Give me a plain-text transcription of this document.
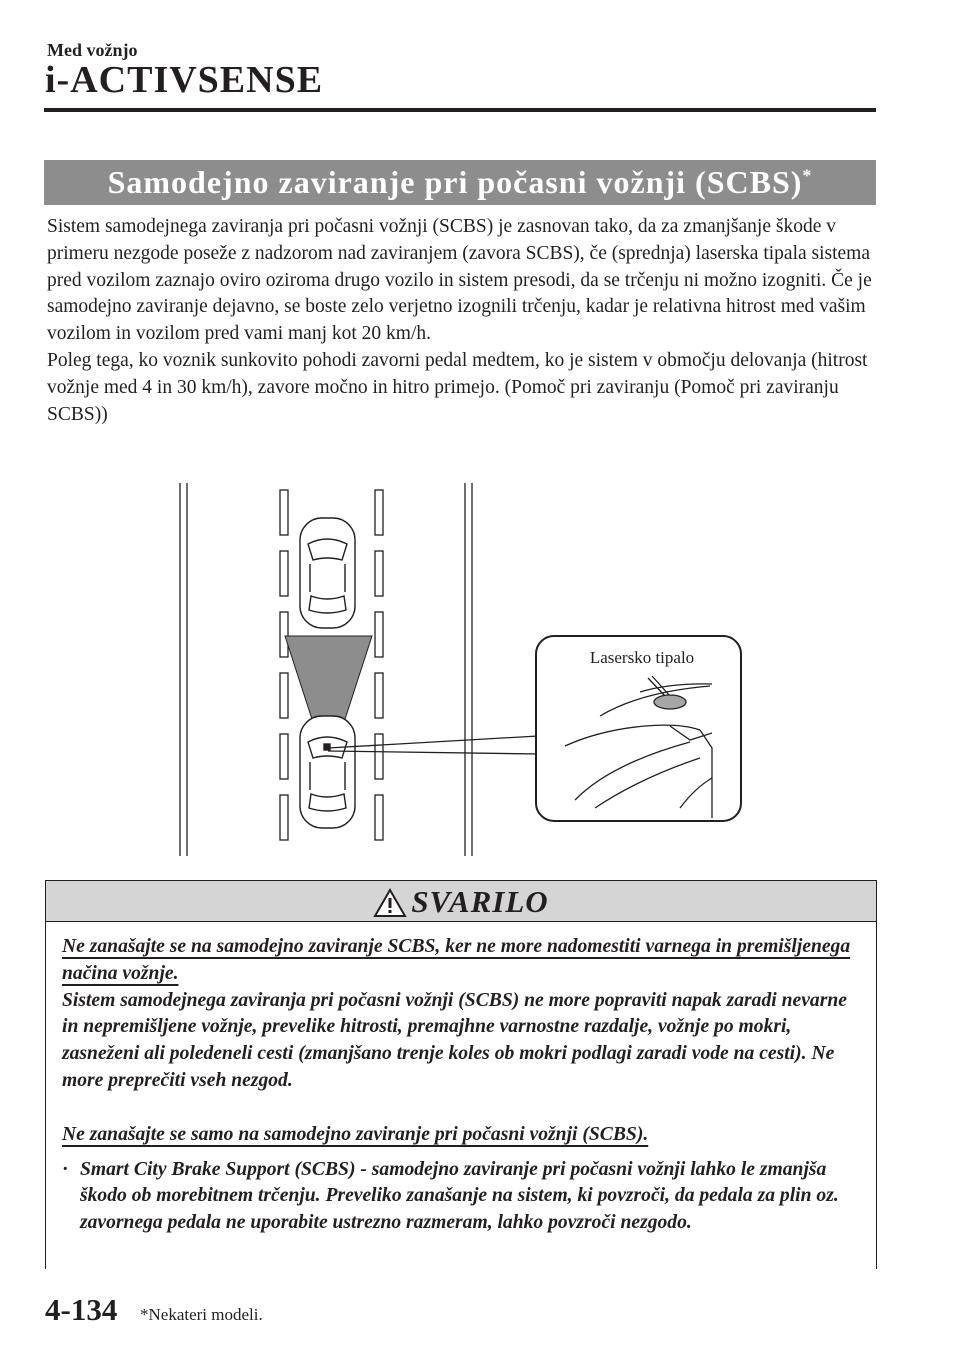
Med vožnjo
i-ACTIVSENSE
Samodejno zaviranje pri počasni vožnji (SCBS)*

Sistem samodejnega zaviranja pri počasni vožnji (SCBS) je zasnovan tako, da za zmanjšanje škode v primeru nezgode poseže z nadzorom nad zaviranjem (zavora SCBS), če (sprednja) laserska tipala sistema pred vozilom zaznajo oviro oziroma drugo vozilo in sistem presodi, da se trčenju ni možno izogniti. Če je samodejno zaviranje dejavno, se boste zelo verjetno izognili trčenju, kadar je relativna hitrost med vašim vozilom in vozilom pred vami manj kot 20 km/h.

Poleg tega, ko voznik sunkovito pohodi zavorni pedal medtem, ko je sistem v območju delovanja (hitrost vožnje med 4 in 30 km/h), zavore močno in hitro primejo. (Pomoč pri zaviranju (Pomoč pri zaviranju SCBS))

Lasersko tipalo
SVARILO

Ne zanašajte se na samodejno zaviranje SCBS, ker ne more nadomestiti varnega in premišljenega načina vožnje.

Sistem samodejnega zaviranja pri počasni vožnji (SCBS) ne more popraviti napak zaradi nevarne in nepremišljene vožnje, prevelike hitrosti, premajhne varnostne razdalje, vožnje po mokri, zasneženi ali poledeneli cesti (zmanjšano trenje koles ob mokri podlagi zaradi vode na cesti). Ne more preprečiti vseh nezgod.

Ne zanašajte se samo na samodejno zaviranje pri počasni vožnji (SCBS).

· Smart City Brake Support (SCBS) - samodejno zaviranje pri počasni vožnji lahko le zmanjša škodo ob morebitnem trčenju. Preveliko zanašanje na sistem, ki povzroči, da pedala za plin oz. zavornega pedala ne uporabite ustrezno razmeram, lahko povzroči nezgodo.
4-134 *Nekateri modeli.
